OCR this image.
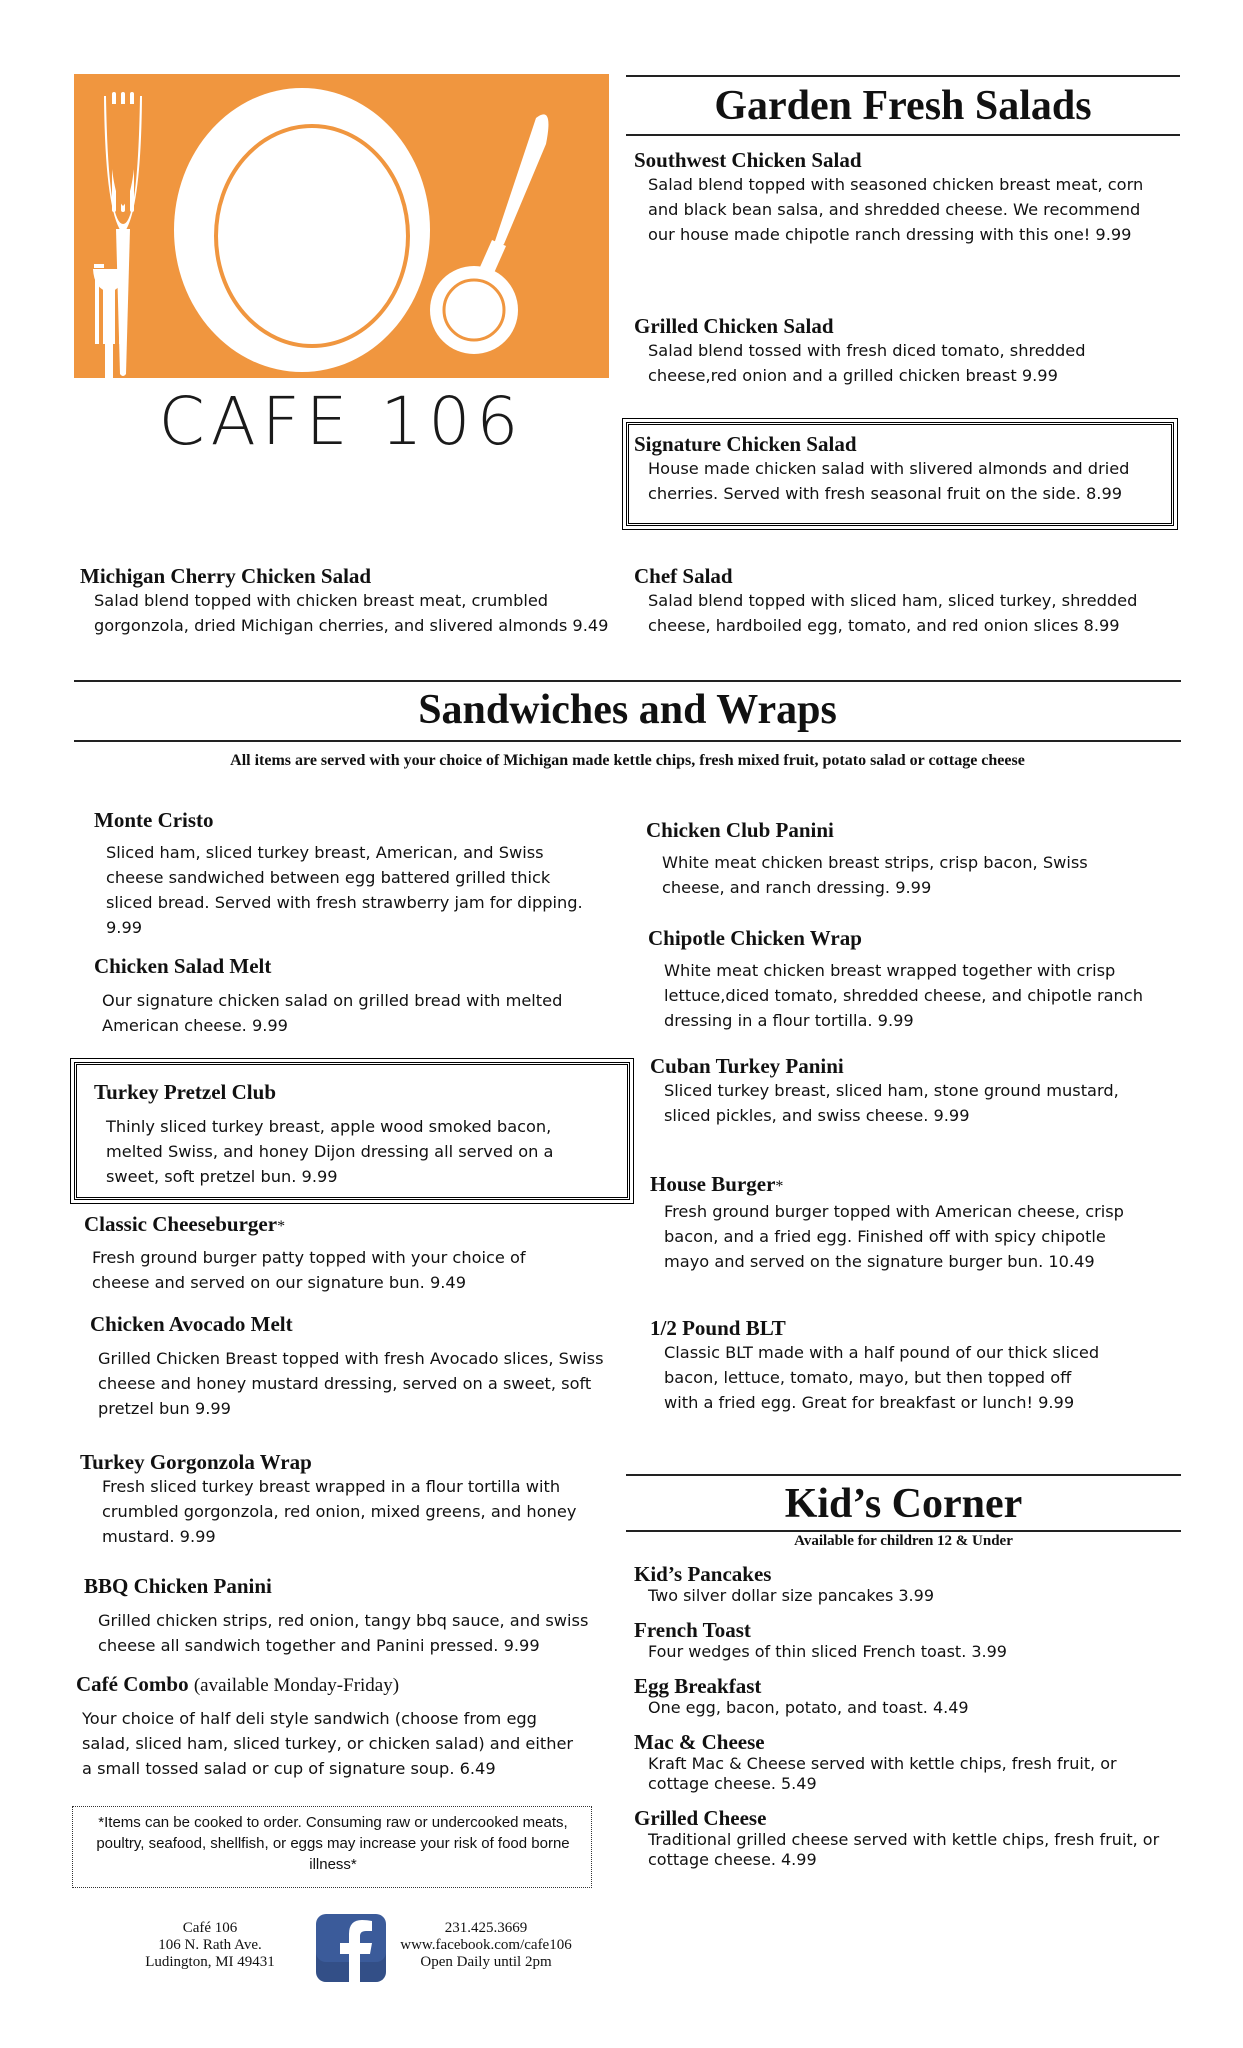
CAFE 106
Garden Fresh Salads
Southwest Chicken Salad
Salad blend topped with seasoned chicken breast meat, corn and black bean salsa, and shredded cheese. We recommend our house made chipotle ranch dressing with this one! 9.99
Grilled Chicken Salad
Salad blend tossed with fresh diced tomato, shredded cheese,red onion and a grilled chicken breast 9.99
Signature Chicken Salad
House made chicken salad with slivered almonds and dried cherries. Served with fresh seasonal fruit on the side. 8.99
Michigan Cherry Chicken Salad
Salad blend topped with chicken breast meat, crumbled gorgonzola, dried Michigan cherries, and slivered almonds 9.49
Chef Salad
Salad blend topped with sliced ham, sliced turkey, shredded cheese, hardboiled egg, tomato, and red onion slices 8.99
Sandwiches and Wraps
All items are served with your choice of Michigan made kettle chips, fresh mixed fruit, potato salad or cottage cheese
Monte Cristo
Sliced ham, sliced turkey breast, American, and Swiss cheese sandwiched between egg battered grilled thick sliced bread. Served with fresh strawberry jam for dipping. 9.99
Chicken Salad Melt
Our signature chicken salad on grilled bread with melted American cheese. 9.99
Turkey Pretzel Club
Thinly sliced turkey breast, apple wood smoked bacon, melted Swiss, and honey Dijon dressing all served on a sweet, soft pretzel bun. 9.99
Classic Cheeseburger*
Fresh ground burger patty topped with your choice of cheese and served on our signature bun. 9.49
Chicken Avocado Melt
Grilled Chicken Breast topped with fresh Avocado slices, Swiss cheese and honey mustard dressing, served on a sweet, soft pretzel bun 9.99
Turkey Gorgonzola Wrap
Fresh sliced turkey breast wrapped in a flour tortilla with crumbled gorgonzola, red onion, mixed greens, and honey mustard. 9.99
BBQ Chicken Panini
Grilled chicken strips, red onion, tangy bbq sauce, and swiss cheese all sandwich together and Panini pressed. 9.99
Café Combo (available Monday-Friday)
Your choice of half deli style sandwich (choose from egg salad, sliced ham, sliced turkey, or chicken salad) and either a small tossed salad or cup of signature soup. 6.49
*Items can be cooked to order. Consuming raw or undercooked meats, poultry, seafood, shellfish, or eggs may increase your risk of food borne illness*
Chicken Club Panini
White meat chicken breast strips, crisp bacon, Swiss cheese, and ranch dressing. 9.99
Chipotle Chicken Wrap
White meat chicken breast wrapped together with crisp lettuce,diced tomato, shredded cheese, and chipotle ranch dressing in a flour tortilla. 9.99
Cuban Turkey Panini
Sliced turkey breast, sliced ham, stone ground mustard, sliced pickles, and swiss cheese. 9.99
House Burger*
Fresh ground burger topped with American cheese, crisp bacon, and a fried egg. Finished off with spicy chipotle mayo and served on the signature burger bun. 10.49
1/2 Pound BLT
Classic BLT made with a half pound of our thick sliced bacon, lettuce, tomato, mayo, but then topped off with a fried egg. Great for breakfast or lunch! 9.99
Kid’s Corner
Available for children 12 & Under
Kid’s Pancakes
Two silver dollar size pancakes 3.99
French Toast
Four wedges of thin sliced French toast. 3.99
Egg Breakfast
One egg, bacon, potato, and toast. 4.49
Mac & Cheese
Kraft Mac & Cheese served with kettle chips, fresh fruit, or cottage cheese. 5.49
Grilled Cheese
Traditional grilled cheese served with kettle chips, fresh fruit, or cottage cheese. 4.99
Café 106
106 N. Rath Ave.
Ludington, MI 49431
231.425.3669
www.facebook.com/cafe106
Open Daily until 2pm
